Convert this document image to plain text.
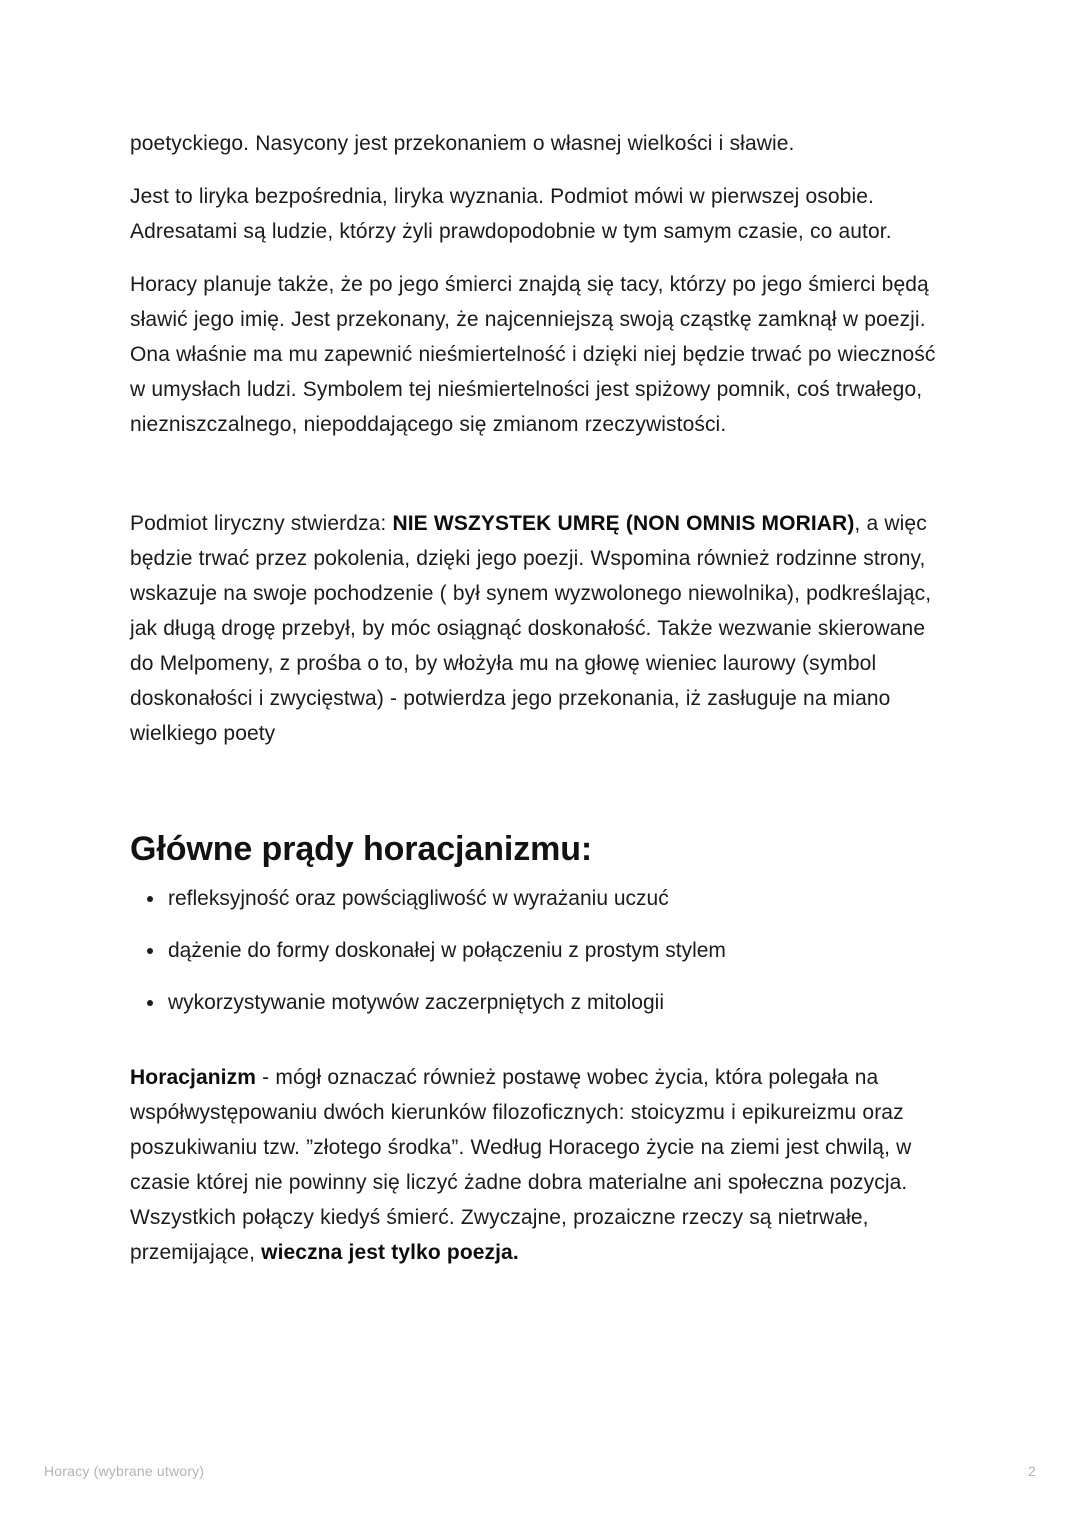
poetyckiego. Nasycony jest przekonaniem o własnej wielkości i sławie.

Jest to liryka bezpośrednia, liryka wyznania. Podmiot mówi w pierwszej osobie. Adresatami są ludzie, którzy żyli prawdopodobnie w tym samym czasie, co autor.

Horacy planuje także, że po jego śmierci znajdą się tacy, którzy po jego śmierci będą sławić jego imię. Jest przekonany, że najcenniejszą swoją cząstkę zamknął w poezji. Ona właśnie ma mu zapewnić nieśmiertelność i dzięki niej będzie trwać po wieczność w umysłach ludzi. Symbolem tej nieśmiertelności jest spiżowy pomnik, coś trwałego, niezniszczalnego, niepoddającego się zmianom rzeczywistości.

Podmiot liryczny stwierdza: NIE WSZYSTEK UMRĘ (NON OMNIS MORIAR), a więc będzie trwać przez pokolenia, dzięki jego poezji. Wspomina również rodzinne strony, wskazuje na swoje pochodzenie ( był synem wyzwolonego niewolnika), podkreślając, jak długą drogę przebył, by móc osiągnąć doskonałość. Także wezwanie skierowane do Melpomeny, z prośba o to, by włożyła mu na głowę wieniec laurowy (symbol doskonałości i zwycięstwa) - potwierdza jego przekonania, iż zasługuje na miano wielkiego poety

Główne prądy horacjanizmu:
refleksyjność oraz powściągliwość w wyrażaniu uczuć
dążenie do formy doskonałej w połączeniu z prostym stylem
wykorzystywanie motywów zaczerpniętych z mitologii

Horacjanizm - mógł oznaczać również postawę wobec życia, która polegała na współwystępowaniu dwóch kierunków filozoficznych: stoicyzmu i epikureizmu oraz poszukiwaniu tzw. ”złotego środka”. Według Horacego życie na ziemi jest chwilą, w czasie której nie powinny się liczyć żadne dobra materialne ani społeczna pozycja. Wszystkich połączy kiedyś śmierć. Zwyczajne, prozaiczne rzeczy są nietrwałe, przemijające, wieczna jest tylko poezja.

Horacy (wybrane utwory)	2
